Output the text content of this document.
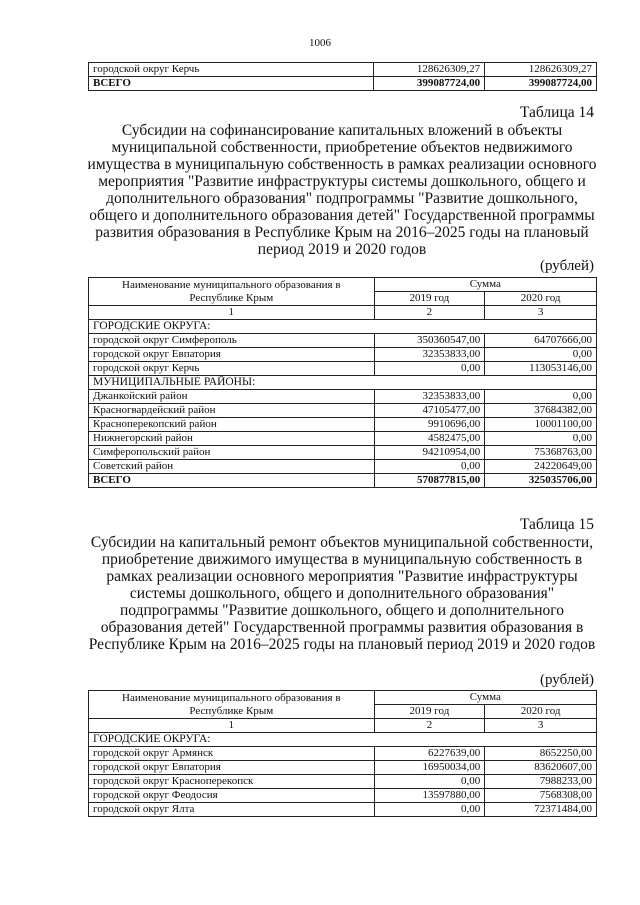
1006
городской округ Керчь	128626309,27	128626309,27
ВСЕГО	399087724,00	399087724,00
Таблица 14
Субсидии на софинансирование капитальных вложений в объекты
муниципальной собственности, приобретение объектов недвижимого
имущества в муниципальную собственность в рамках реализации основного
мероприятия "Развитие инфраструктуры системы дошкольного, общего и
дополнительного образования" подпрограммы "Развитие дошкольного,
общего и дополнительного образования детей" Государственной программы
развития образования в Республике Крым на 2016–2025 годы на плановый
период 2019 и 2020 годов
(рублей)
Наименование муниципального образования в
Республике Крым	Сумма	
	2019 год	2020 год
1	2	3
ГОРОДСКИЕ ОКРУГА:		
городской округ Симферополь	350360547,00	64707666,00
городской округ Евпатория	32353833,00	0,00
городской округ Керчь	0,00	113053146,00
МУНИЦИПАЛЬНЫЕ РАЙОНЫ:		
Джанкойский район	32353833,00	0,00
Красногвардейский район	47105477,00	37684382,00
Красноперекопский район	9910696,00	10001100,00
Нижнегорский район	4582475,00	0,00
Симферопольский район	94210954,00	75368763,00
Советский район	0,00	24220649,00
ВСЕГО	570877815,00	325035706,00
Таблица 15
Субсидии на капитальный ремонт объектов муниципальной собственности,
приобретение движимого имущества в муниципальную собственность в
рамках реализации основного мероприятия "Развитие инфраструктуры
системы дошкольного, общего и дополнительного образования"
подпрограммы "Развитие дошкольного, общего и дополнительного
образования детей" Государственной программы развития образования в
Республике Крым на 2016–2025 годы на плановый период 2019 и 2020 годов
(рублей)
Наименование муниципального образования в
Республике Крым	Сумма	
	2019 год	2020 год
1	2	3
ГОРОДСКИЕ ОКРУГА:		
городской округ Армянск	6227639,00	8652250,00
городской округ Евпатория	16950034,00	83620607,00
городской округ Красноперекопск	0,00	7988233,00
городской округ Феодосия	13597880,00	7568308,00
городской округ Ялта	0,00	72371484,00
